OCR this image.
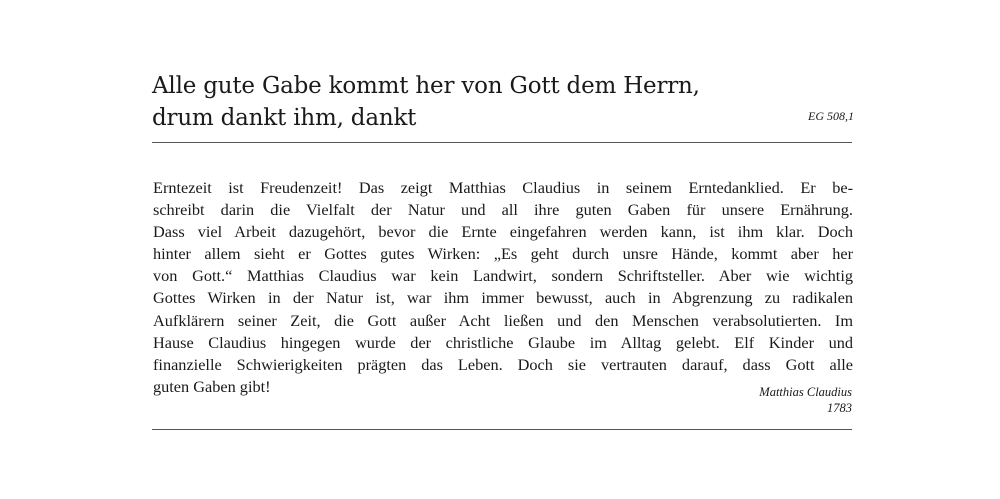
Alle gute Gabe kommt her von Gott dem Herrn,
drum dankt ihm, dankt	EG 508,1
Erntezeit ist Freudenzeit! Das zeigt Matthias Claudius in seinem Erntedanklied. Er be-
schreibt darin die Vielfalt der Natur und all ihre guten Gaben für unsere Ernährung.
Dass viel Arbeit dazugehört, bevor die Ernte eingefahren werden kann, ist ihm klar. Doch
hinter allem sieht er Gottes gutes Wirken: „Es geht durch unsre Hände, kommt aber her
von Gott.“ Matthias Claudius war kein Landwirt, sondern Schriftsteller. Aber wie wichtig
Gottes Wirken in der Natur ist, war ihm immer bewusst, auch in Abgrenzung zu radikalen
Aufklärern seiner Zeit, die Gott außer Acht ließen und den Menschen verabsolutierten. Im
Hause Claudius hingegen wurde der christliche Glaube im Alltag gelebt. Elf Kinder und
finanzielle Schwierigkeiten prägten das Leben. Doch sie vertrauten darauf, dass Gott alle
guten Gaben gibt!	Matthias Claudius
1783
